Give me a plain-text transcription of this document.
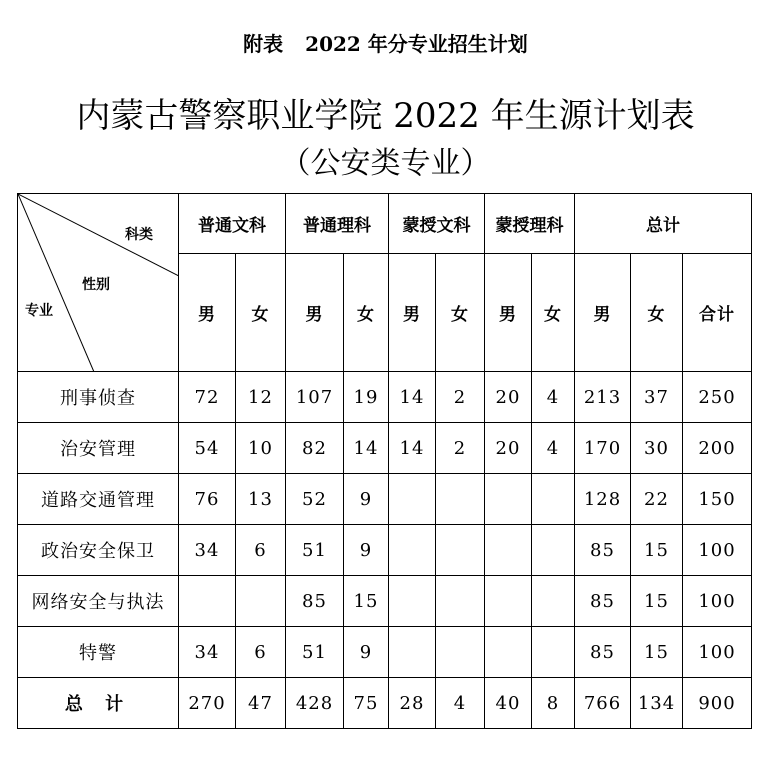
附表 2022 年分专业招生计划
内蒙古警察职业学院 2022 年生源计划表
（公安类专业）
科类
性别
专业	普通文科		普通理科		蒙授文科		蒙授理科		总计		
	男	女	男	女	男	女	男	女	男	女	合计
刑事侦查	72	12	107	19	14	2	20	4	213	37	250
治安管理	54	10	82	14	14	2	20	4	170	30	200
道路交通管理	76	13	52	9					128	22	150
政治安全保卫	34	6	51	9					85	15	100
网络安全与执法			85	15					85	15	100
特警	34	6	51	9					85	15	100
总 计	270	47	428	75	28	4	40	8	766	134	900
